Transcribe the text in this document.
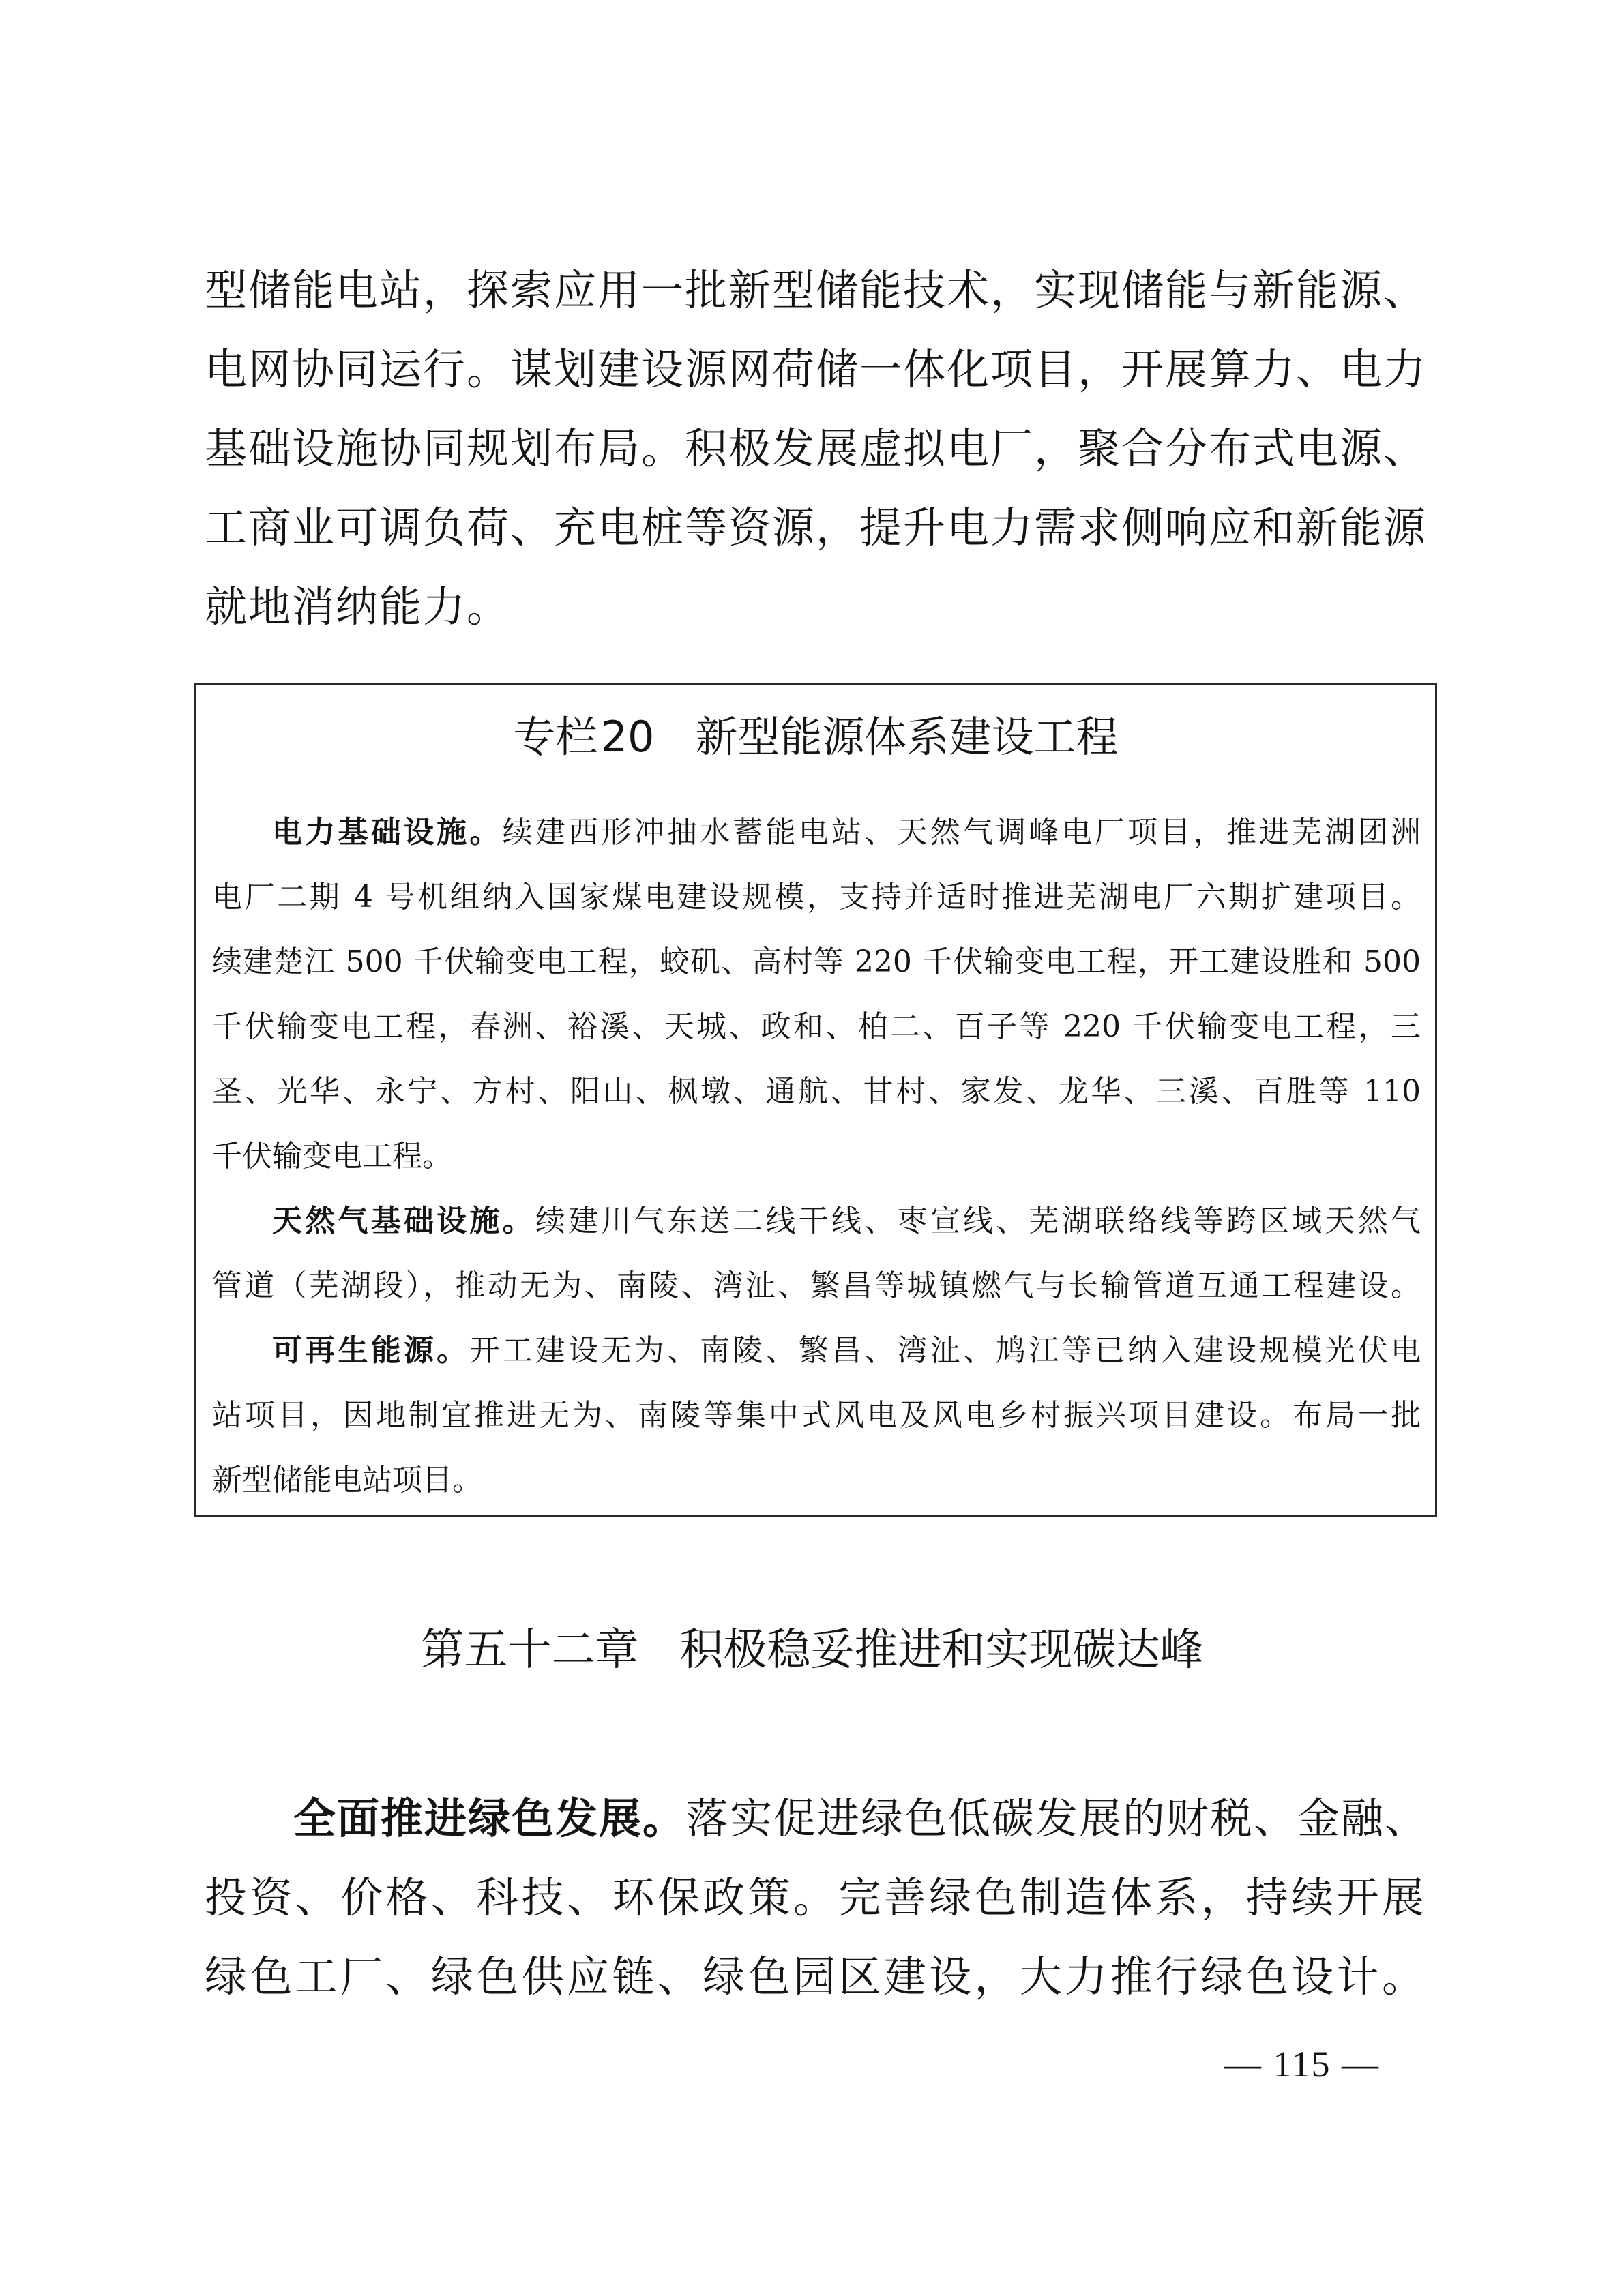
型储能电站，探索应用一批新型储能技术，实现储能与新能源、
电网协同运行。谋划建设源网荷储一体化项目，开展算力、电力
基础设施协同规划布局。积极发展虚拟电厂，聚合分布式电源、
工商业可调负荷、充电桩等资源，提升电力需求侧响应和新能源
就地消纳能力。
专栏20 新型能源体系建设工程
电力基础设施。续建西形冲抽水蓄能电站、天然气调峰电厂项目，推进芜湖团洲
电厂二期 4 号机组纳入国家煤电建设规模，支持并适时推进芜湖电厂六期扩建项目。
续建楚江 500 千伏输变电工程，蛟矶、高村等 220 千伏输变电工程，开工建设胜和 500
千伏输变电工程，春洲、裕溪、天城、政和、柏二、百子等 220 千伏输变电工程，三
圣、光华、永宁、方村、阳山、枫墩、通航、甘村、家发、龙华、三溪、百胜等 110
千伏输变电工程。
天然气基础设施。续建川气东送二线干线、枣宣线、芜湖联络线等跨区域天然气
管道（芜湖段），推动无为、南陵、湾沚、繁昌等城镇燃气与长输管道互通工程建设。
可再生能源。开工建设无为、南陵、繁昌、湾沚、鸠江等已纳入建设规模光伏电
站项目，因地制宜推进无为、南陵等集中式风电及风电乡村振兴项目建设。布局一批
新型储能电站项目。
第五十二章 积极稳妥推进和实现碳达峰
全面推进绿色发展。落实促进绿色低碳发展的财税、金融、
投资、价格、科技、环保政策。完善绿色制造体系，持续开展
绿色工厂、绿色供应链、绿色园区建设，大力推行绿色设计。
— 115 —
